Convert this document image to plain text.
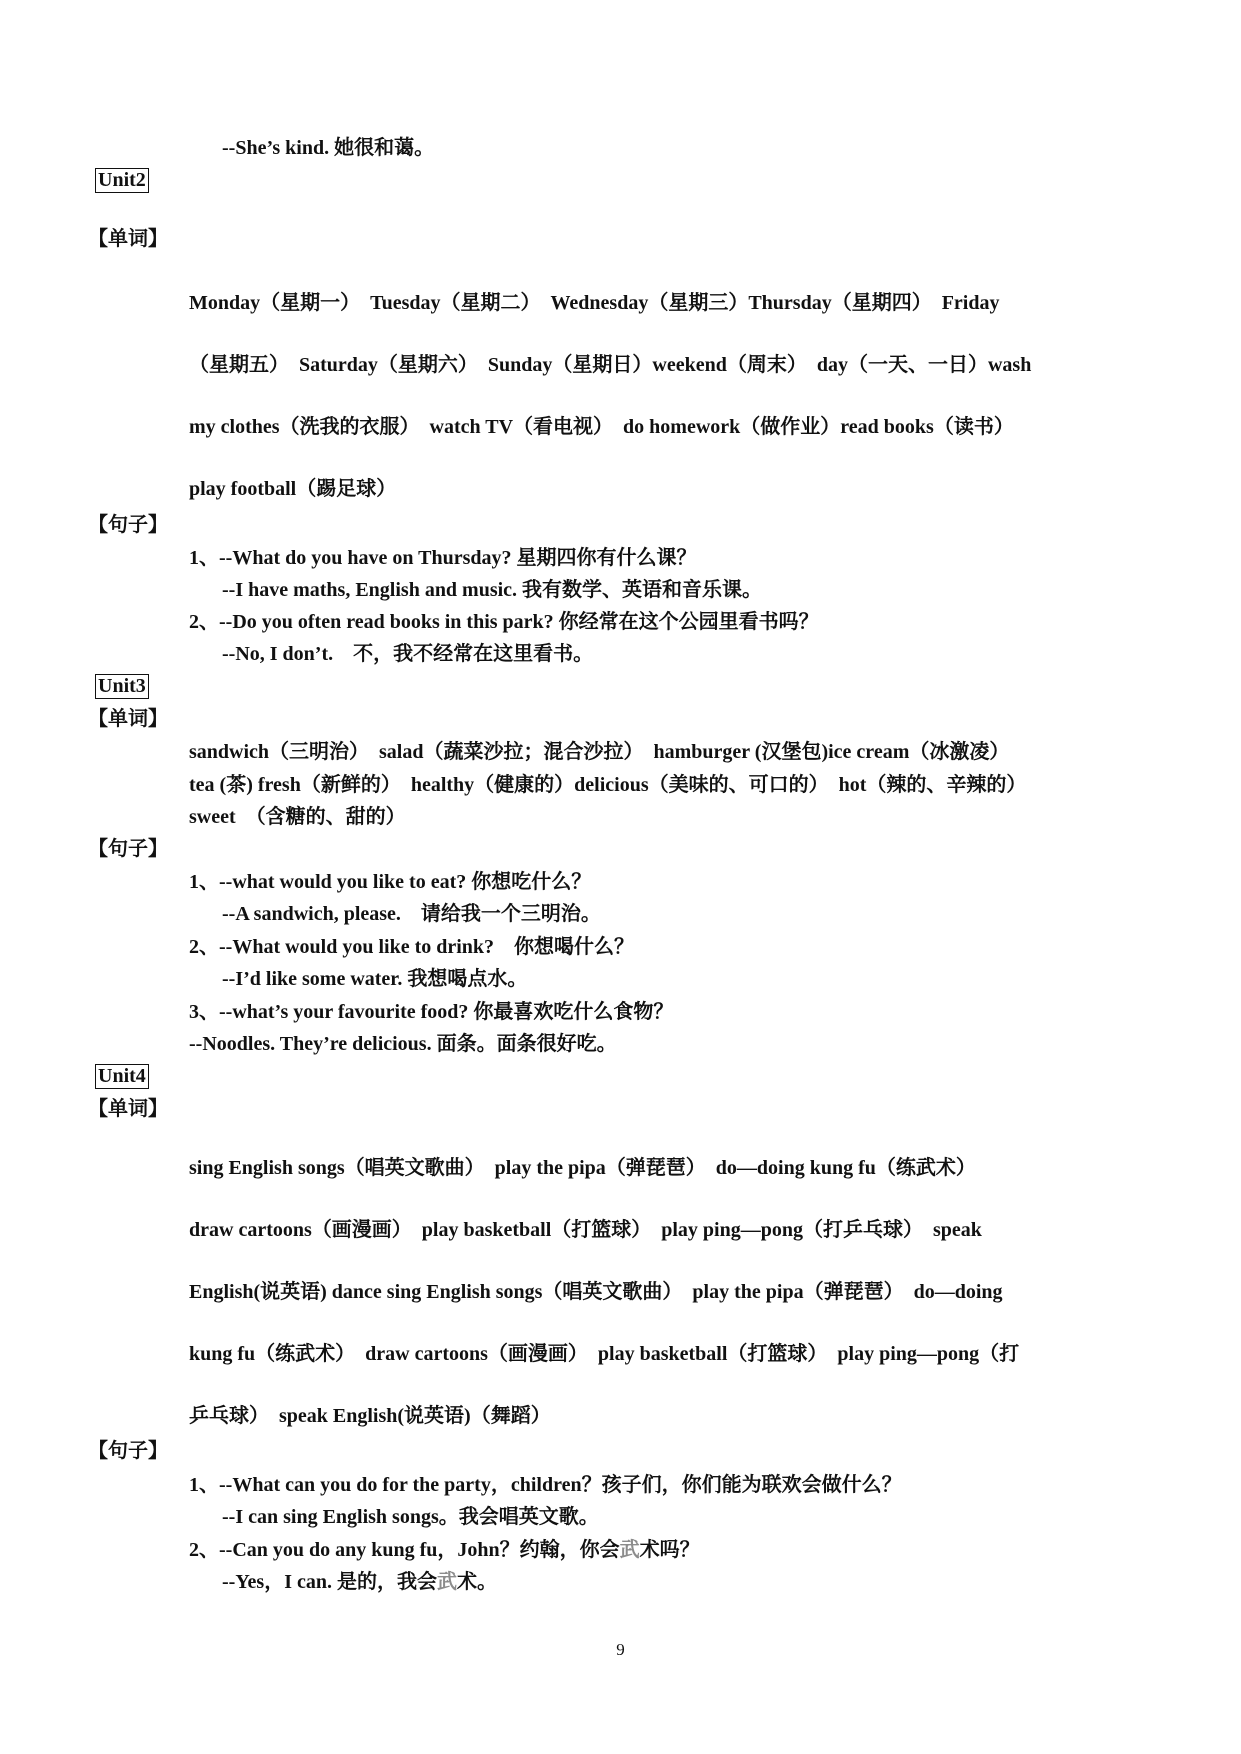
--She’s kind. 她很和蔼。
Unit2
【单词】
Monday（星期一）　Tuesday（星期二）　Wednesday（星期三）Thursday（星期四）　Friday
（星期五）　Saturday（星期六）　Sunday（星期日）weekend（周末）　day（一天、一日）wash
my clothes（洗我的衣服）　watch TV（看电视）　do homework（做作业）read books（读书）
play football（踢足球）
【句子】
1、--What do you have on Thursday? 星期四你有什么课？
--I have maths, English and music. 我有数学、英语和音乐课。
2、--Do you often read books in this park? 你经常在这个公园里看书吗？
--No, I don’t.　不，我不经常在这里看书。
Unit3
【单词】
sandwich（三明治）　salad（蔬菜沙拉；混合沙拉）　hamburger (汉堡包)ice cream（冰激凌）
tea (茶) fresh（新鲜的）　healthy（健康的）delicious（美味的、可口的）　hot（辣的、辛辣的）
sweet　（含糖的、甜的）
【句子】
1、--what would you like to eat? 你想吃什么？
--A sandwich, please.　请给我一个三明治。
2、--What would you like to drink?　你想喝什么？
--I’d like some water. 我想喝点水。
3、--what’s your favourite food? 你最喜欢吃什么食物？
--Noodles. They’re delicious. 面条。面条很好吃。
Unit4
【单词】
sing English songs（唱英文歌曲）　play the pipa（弹琵琶）　do—doing kung fu（练武术）
draw cartoons（画漫画）　play basketball（打篮球）　play ping—pong（打乒乓球）　speak
English(说英语) dance sing English songs（唱英文歌曲）　play the pipa（弹琵琶）　do—doing
kung fu（练武术）　draw cartoons（画漫画）　play basketball（打篮球）　play ping—pong（打
乒乓球）　speak English(说英语)（舞蹈）
【句子】
1、--What can you do for the party，children？孩子们，你们能为联欢会做什么？
--I can sing English songs。我会唱英文歌。
2、--Can you do any kung fu，John？约翰，你会武术吗？
--Yes，I can. 是的，我会武术。
9
